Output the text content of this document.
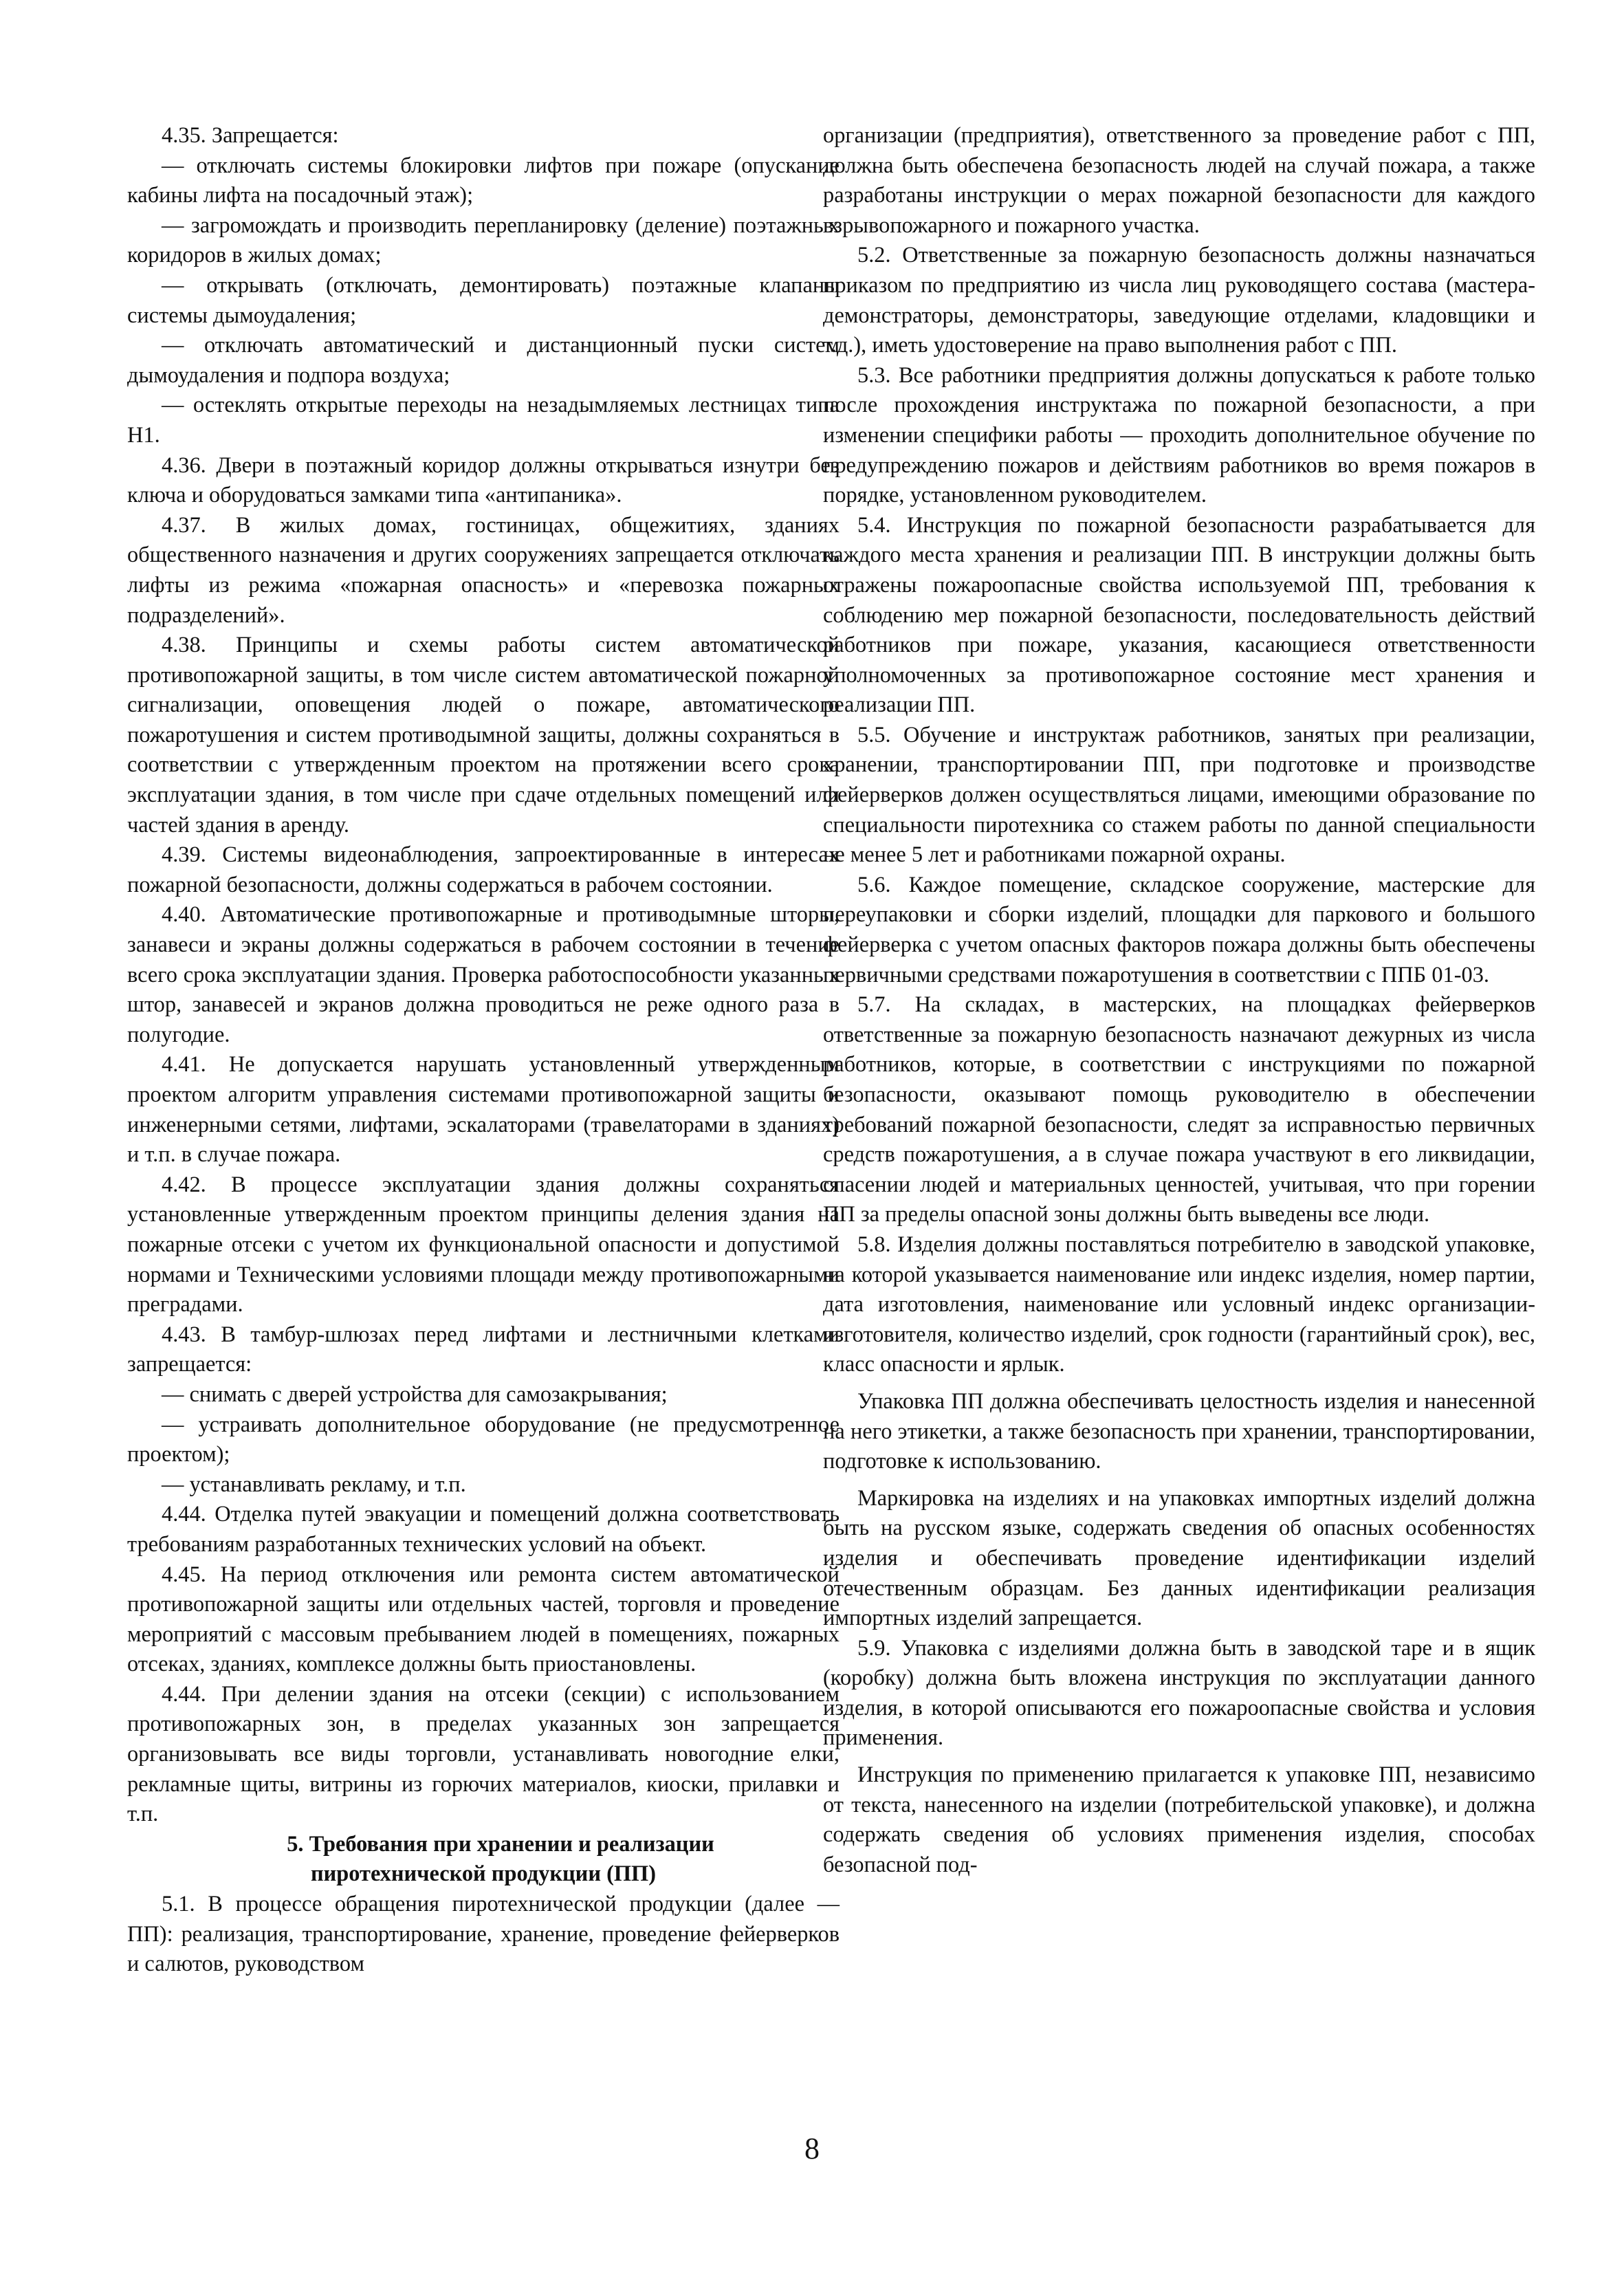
4.35. Запрещается:

— отключать системы блокировки лифтов при пожаре (опускание кабины лифта на посадочный этаж);

— загромождать и производить перепланировку (деление) поэтажных коридоров в жилых домах;

— открывать (отключать, демонтировать) поэтажные клапаны системы дымоудаления;

— отключать автоматический и дистанционный пуски систем дымоудаления и подпора воздуха;

— остеклять открытые переходы на незадымляемых лестницах типа Н1.

4.36. Двери в поэтажный коридор должны открываться изнутри без ключа и оборудоваться замками типа «антипаника».

4.37. В жилых домах, гостиницах, общежитиях, зданиях общественного назначения и других сооружениях запрещается отключать лифты из режима «пожарная опасность» и «перевозка пожарных подразделений».

4.38. Принципы и схемы работы систем автоматической противопожарной защиты, в том числе систем автоматической пожарной сигнализации, оповещения людей о пожаре, автоматического пожаротушения и систем противодымной защиты, должны сохраняться в соответствии с утвержденным проектом на протяжении всего срока эксплуатации здания, в том числе при сдаче отдельных помещений или частей здания в аренду.

4.39. Системы видеонаблюдения, запроектированные в интересах пожарной безопасности, должны содержаться в рабочем состоянии.

4.40. Автоматические противопожарные и противодымные шторы, занавеси и экраны должны содержаться в рабочем состоянии в течение всего срока эксплуатации здания. Проверка работоспособности указанных штор, занавесей и экранов должна проводиться не реже одного раза в полугодие.

4.41. Не допускается нарушать установленный утвержденным проектом алгоритм управления системами противопожарной защиты и инженерными сетями, лифтами, эскалаторами (травелаторами в зданиях) и т.п. в случае пожара.

4.42. В процессе эксплуатации здания должны сохраняться установленные утвержденным проектом принципы деления здания на пожарные отсеки с учетом их функциональной опасности и допустимой нормами и Техническими условиями площади между противопожарными преградами.

4.43. В тамбур-шлюзах перед лифтами и лестничными клетками запрещается:

— снимать с дверей устройства для самозакрывания;

— устраивать дополнительное оборудование (не предусмотренное проектом);

— устанавливать рекламу, и т.п.

4.44. Отделка путей эвакуации и помещений должна соответствовать требованиям разработанных технических условий на объект.

4.45. На период отключения или ремонта систем автоматической противопожарной защиты или отдельных частей, торговля и проведение мероприятий с массовым пребыванием людей в помещениях, пожарных отсеках, зданиях, комплексе должны быть приостановлены.

4.44. При делении здания на отсеки (секции) с использованием противопожарных зон, в пределах указанных зон запрещается организовывать все виды торговли, устанавливать новогодние елки, рекламные щиты, витрины из горючих материалов, киоски, прилавки и т.п.

5. Требования при хранении и реализации
пиротехнической продукции (ПП)

5.1. В процессе обращения пиротехнической продукции (далее — ПП): реализация, транспортирование, хранение, проведение фейерверков и салютов, руководством

организации (предприятия), ответственного за проведение работ с ПП, должна быть обеспечена безопасность людей на случай пожара, а также разработаны инструкции о мерах пожарной безопасности для каждого взрывопожарного и пожарного участка.

5.2. Ответственные за пожарную безопасность должны назначаться приказом по предприятию из числа лиц руководящего состава (мастера-демонстраторы, демонстраторы, заведующие отделами, кладовщики и т.д.), иметь удостоверение на право выполнения работ с ПП.

5.3. Все работники предприятия должны допускаться к работе только после прохождения инструктажа по пожарной безопасности, а при изменении специфики работы — проходить дополнительное обучение по предупреждению пожаров и действиям работников во время пожаров в порядке, установленном руководителем.

5.4. Инструкция по пожарной безопасности разрабатывается для каждого места хранения и реализации ПП. В инструкции должны быть отражены пожароопасные свойства используемой ПП, требования к соблюдению мер пожарной безопасности, последовательность действий работников при пожаре, указания, касающиеся ответственности уполномоченных за противопожарное состояние мест хранения и реализации ПП.

5.5. Обучение и инструктаж работников, занятых при реализации, хранении, транспортировании ПП, при подготовке и производстве фейерверков должен осуществляться лицами, имеющими образование по специальности пиротехника со стажем работы по данной специальности не менее 5 лет и работниками пожарной охраны.

5.6. Каждое помещение, складское сооружение, мастерские для переупаковки и сборки изделий, площадки для паркового и большого фейерверка с учетом опасных факторов пожара должны быть обеспечены первичными средствами пожаротушения в соответствии с ППБ 01-03.

5.7. На складах, в мастерских, на площадках фейерверков ответственные за пожарную безопасность назначают дежурных из числа работников, которые, в соответствии с инструкциями по пожарной безопасности, оказывают помощь руководителю в обеспечении требований пожарной безопасности, следят за исправностью первичных средств пожаротушения, а в случае пожара участвуют в его ликвидации, спасении людей и материальных ценностей, учитывая, что при горении ПП за пределы опасной зоны должны быть выведены все люди.

5.8. Изделия должны поставляться потребителю в заводской упаковке, на которой указывается наименование или индекс изделия, номер партии, дата изготовления, наименование или условный индекс организации-изготовителя, количество изделий, срок годности (гарантийный срок), вес, класс опасности и ярлык.

Упаковка ПП должна обеспечивать целостность изделия и нанесенной на него этикетки, а также безопасность при хранении, транспортировании, подготовке к использованию.

Маркировка на изделиях и на упаковках импортных изделий должна быть на русском языке, содержать сведения об опасных особенностях изделия и обеспечивать проведение идентификации изделий отечественным образцам. Без данных идентификации реализация импортных изделий запрещается.

5.9. Упаковка с изделиями должна быть в заводской таре и в ящик (коробку) должна быть вложена инструкция по эксплуатации данного изделия, в которой описываются его пожароопасные свойства и условия применения.

Инструкция по применению прилагается к упаковке ПП, независимо от текста, нанесенного на изделии (потребительской упаковке), и должна содержать сведения об условиях применения изделия, способах безопасной под-

8
